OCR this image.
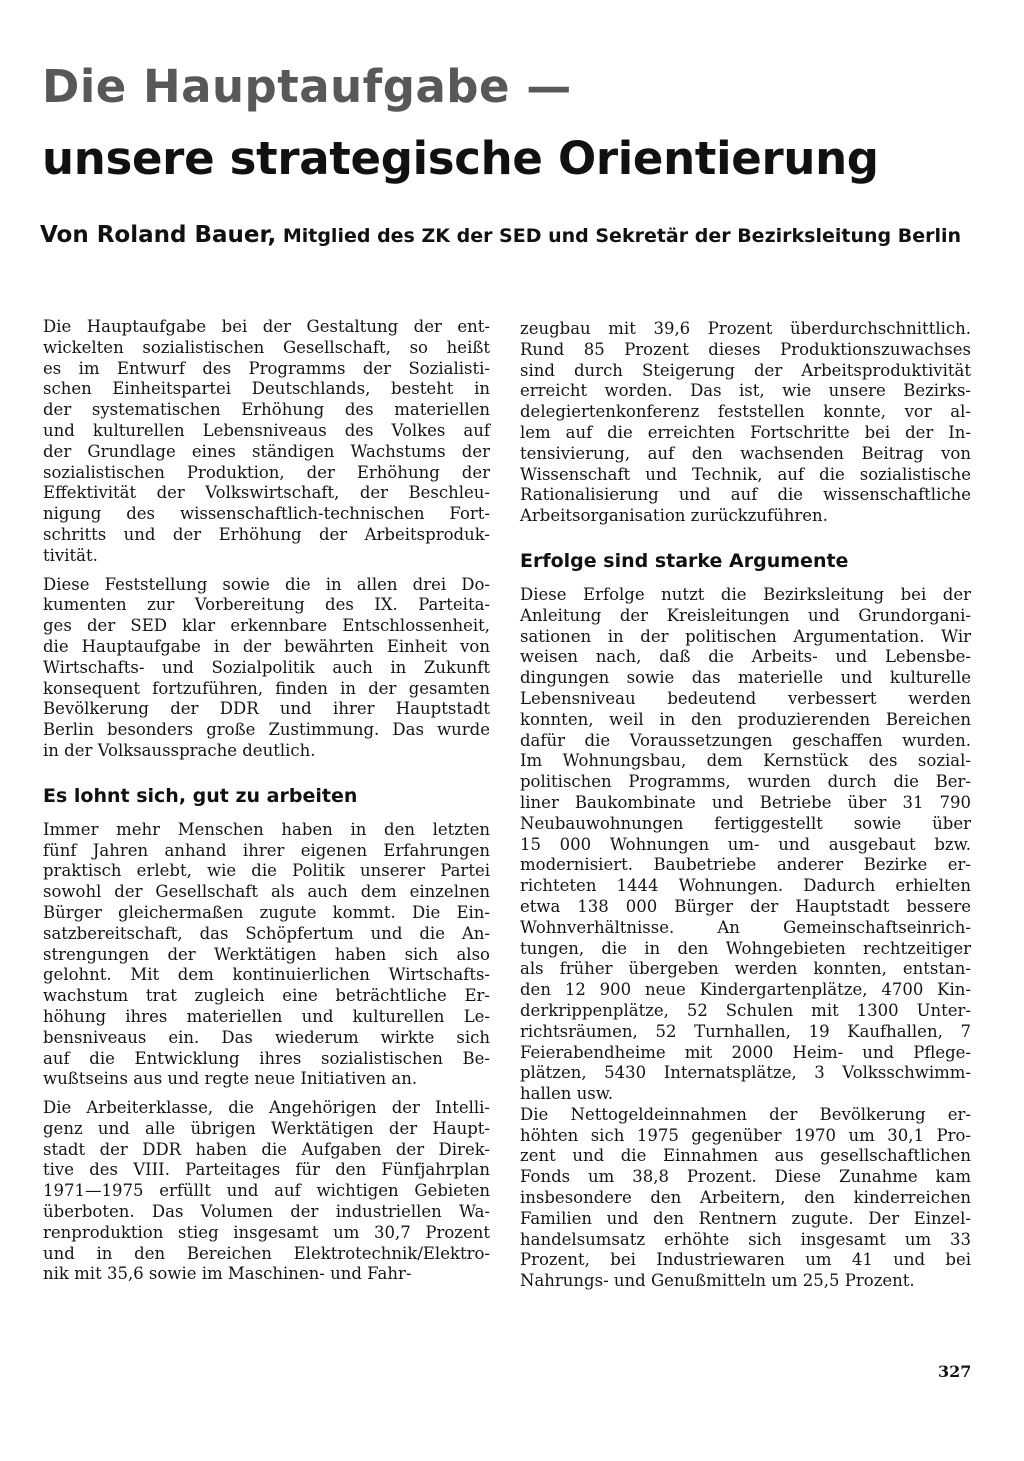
Die Hauptaufgabe —
unsere strategische Orientierung

Von Roland Bauer, Mitglied des ZK der SED und Sekretär der Bezirksleitung Berlin

Die Hauptaufgabe bei der Gestaltung der ent-
wickelten sozialistischen Gesellschaft, so heißt
es im Entwurf des Programms der Sozialisti-
schen Einheitspartei Deutschlands, besteht in
der systematischen Erhöhung des materiellen
und kulturellen Lebensniveaus des Volkes auf
der Grundlage eines ständigen Wachstums der
sozialistischen Produktion, der Erhöhung der
Effektivität der Volkswirtschaft, der Beschleu-
nigung des wissenschaftlich-technischen Fort-
schritts und der Erhöhung der Arbeitsproduk-
tivität.
Diese Feststellung sowie die in allen drei Do-
kumenten zur Vorbereitung des IX. Parteita-
ges der SED klar erkennbare Entschlossenheit,
die Hauptaufgabe in der bewährten Einheit von
Wirtschafts- und Sozialpolitik auch in Zukunft
konsequent fortzuführen, finden in der gesamten
Bevölkerung der DDR und ihrer Hauptstadt
Berlin besonders große Zustimmung. Das wurde
in der Volksaussprache deutlich.
Es lohnt sich, gut zu arbeiten
Immer mehr Menschen haben in den letzten
fünf Jahren anhand ihrer eigenen Erfahrungen
praktisch erlebt, wie die Politik unserer Partei
sowohl der Gesellschaft als auch dem einzelnen
Bürger gleichermaßen zugute kommt. Die Ein-
satzbereitschaft, das Schöpfertum und die An-
strengungen der Werktätigen haben sich also
gelohnt. Mit dem kontinuierlichen Wirtschafts-
wachstum trat zugleich eine beträchtliche Er-
höhung ihres materiellen und kulturellen Le-
bensniveaus ein. Das wiederum wirkte sich
auf die Entwicklung ihres sozialistischen Be-
wußtseins aus und regte neue Initiativen an.
Die Arbeiterklasse, die Angehörigen der Intelli-
genz und alle übrigen Werktätigen der Haupt-
stadt der DDR haben die Aufgaben der Direk-
tive des VIII. Parteitages für den Fünfjahrplan
1971—1975 erfüllt und auf wichtigen Gebieten
überboten. Das Volumen der industriellen Wa-
renproduktion stieg insgesamt um 30,7 Prozent
und in den Bereichen Elektrotechnik/Elektro-
nik mit 35,6 sowie im Maschinen- und Fahr-
zeugbau mit 39,6 Prozent überdurchschnittlich.
Rund 85 Prozent dieses Produktionszuwachses
sind durch Steigerung der Arbeitsproduktivität
erreicht worden. Das ist, wie unsere Bezirks-
delegiertenkonferenz feststellen konnte, vor al-
lem auf die erreichten Fortschritte bei der In-
tensivierung, auf den wachsenden Beitrag von
Wissenschaft und Technik, auf die sozialistische
Rationalisierung und auf die wissenschaftliche
Arbeitsorganisation zurückzuführen.
Erfolge sind starke Argumente
Diese Erfolge nutzt die Bezirksleitung bei der
Anleitung der Kreisleitungen und Grundorgani-
sationen in der politischen Argumentation. Wir
weisen nach, daß die Arbeits- und Lebensbe-
dingungen sowie das materielle und kulturelle
Lebensniveau bedeutend verbessert werden
konnten, weil in den produzierenden Bereichen
dafür die Voraussetzungen geschaffen wurden.
Im Wohnungsbau, dem Kernstück des sozial-
politischen Programms, wurden durch die Ber-
liner Baukombinate und Betriebe über 31 790
Neubauwohnungen fertiggestellt sowie über
15 000 Wohnungen um- und ausgebaut bzw.
modernisiert. Baubetriebe anderer Bezirke er-
richteten 1444 Wohnungen. Dadurch erhielten
etwa 138 000 Bürger der Hauptstadt bessere
Wohnverhältnisse. An Gemeinschaftseinrich-
tungen, die in den Wohngebieten rechtzeitiger
als früher übergeben werden konnten, entstan-
den 12 900 neue Kindergartenplätze, 4700 Kin-
derkrippenplätze, 52 Schulen mit 1300 Unter-
richtsräumen, 52 Turnhallen, 19 Kaufhallen, 7
Feierabendheime mit 2000 Heim- und Pflege-
plätzen, 5430 Internatsplätze, 3 Volksschwimm-
hallen usw.
Die Nettogeldeinnahmen der Bevölkerung er-
höhten sich 1975 gegenüber 1970 um 30,1 Pro-
zent und die Einnahmen aus gesellschaftlichen
Fonds um 38,8 Prozent. Diese Zunahme kam
insbesondere den Arbeitern, den kinderreichen
Familien und den Rentnern zugute. Der Einzel-
handelsumsatz erhöhte sich insgesamt um 33
Prozent, bei Industriewaren um 41 und bei
Nahrungs- und Genußmitteln um 25,5 Prozent.

327
